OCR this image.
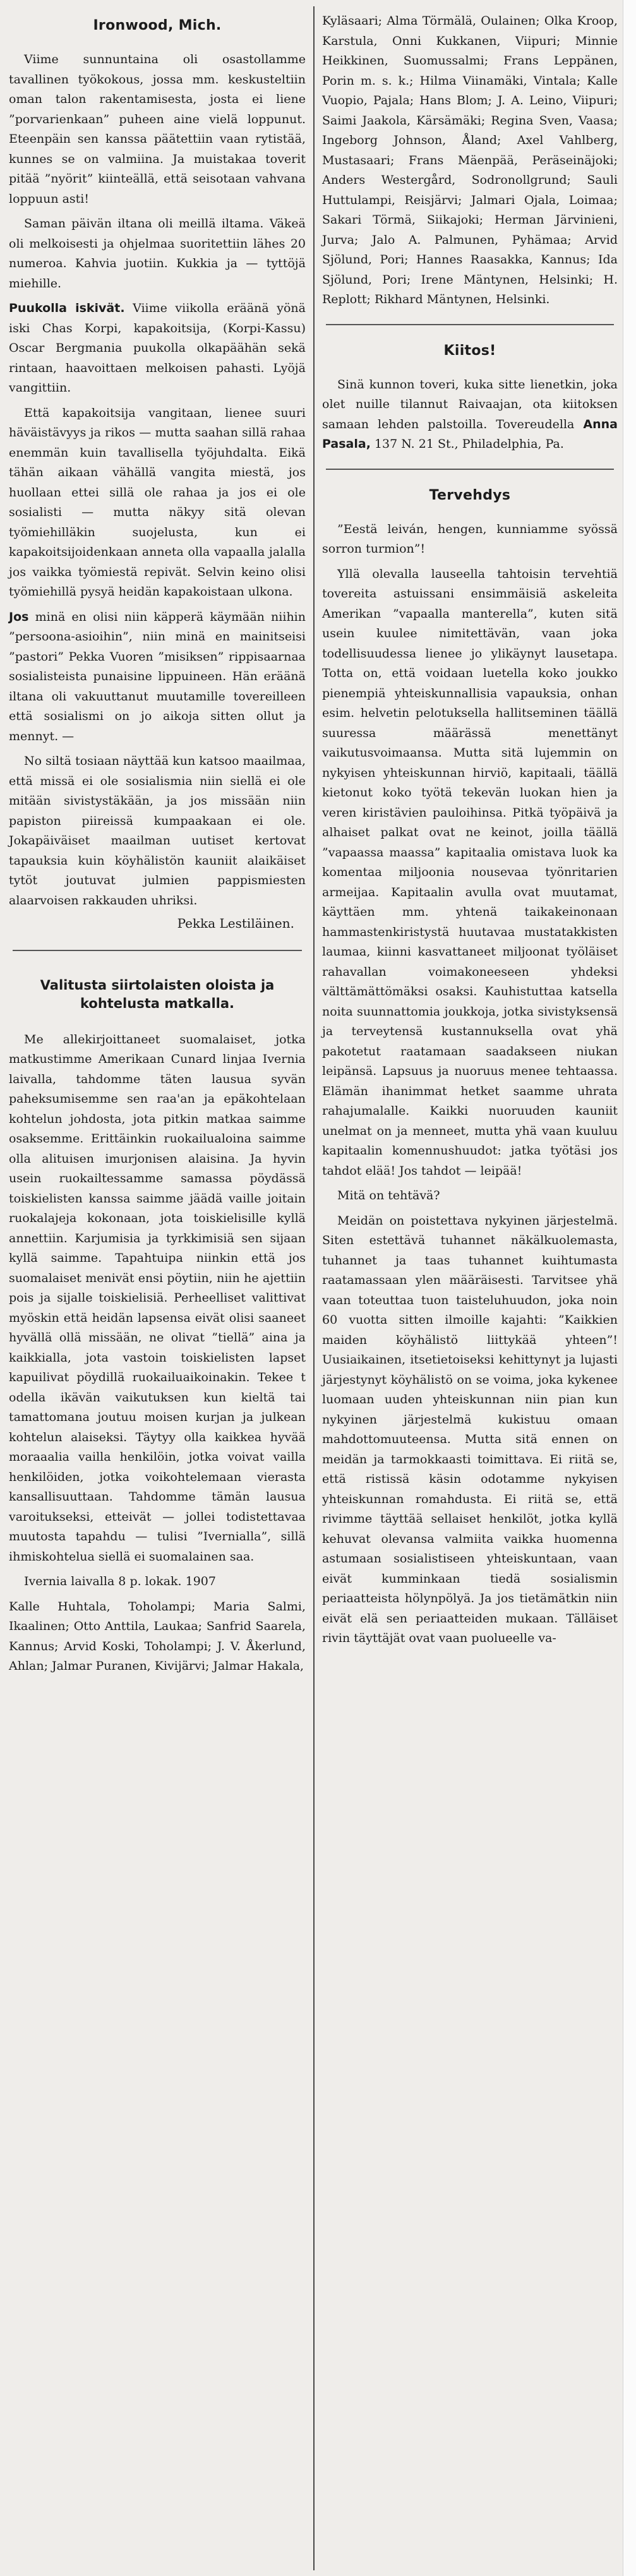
Ironwood, Mich.

Viime sunnuntaina oli osastollamme tavallinen työkokous, jossa mm. keskusteltiin oman talon rakentamisesta, josta ei liene ”porvarienkaan” puheen aine vielä loppunut. Eteenpäin sen kanssa päätettiin vaan rytistää, kunnes se on valmiina. Ja muistakaa toverit pitää ”nyörit” kiinteällä, että seisotaan vahvana loppuun asti!

Saman päivän iltana oli meillä iltama. Väkeä oli melkoisesti ja ohjelmaa suoritettiin lähes 20 numeroa. Kahvia juotiin. Kukkia ja — tyttöjä miehille.

Puukolla iskivät. Viime viikolla eräänä yönä iski Chas Korpi, kapakoitsija, (Korpi-Kassu) Oscar Bergmania puukolla olkapäähän sekä rintaan, haavoittaen melkoisen pahasti. Lyöjä vangittiin.

Että kapakoitsija vangitaan, lienee suuri häväistävyys ja rikos — mutta saahan sillä rahaa enemmän kuin tavallisella työjuhdalta. Eikä tähän aikaan vähällä vangita miestä, jos huollaan ettei sillä ole rahaa ja jos ei ole sosialisti — mutta näkyy sitä olevan työmiehilläkin suojelusta, kun ei kapakoitsijoidenkaan anneta olla vapaalla jalalla jos vaikka työmiestä repivät. Selvin keino olisi työmiehillä pysyä heidän kapakoistaan ulkona.

Jos minä en olisi niin käpperä käymään niihin ”persoona-asioihin”, niin minä en mainitseisi ”pastori” Pekka Vuoren ”misiksen” rippisaarnaa sosialisteista punaisine lippuineen. Hän eräänä iltana oli vakuuttanut muutamille tovereilleen että sosialismi on jo aikoja sitten ollut ja mennyt. —

No siltä tosiaan näyttää kun katsoo maailmaa, että missä ei ole sosialismia niin siellä ei ole mitään sivistystäkään, ja jos missään niin papiston piireissä kumpaakaan ei ole. Jokapäiväiset maailman uutiset kertovat tapauksia kuin köyhälistön kauniit alaikäiset tytöt joutuvat julmien pappismiesten alaarvoisen rakkauden uhriksi.

Pekka Lestiläinen.
Valitusta siirtolaisten oloista ja kohtelusta matkalla.

Me allekirjoittaneet suomalaiset, jotka matkustimme Amerikaan Cunard linjaa Ivernia laivalla, tahdomme täten lausua syvän paheksumisemme sen raa'an ja epäkohtelaan kohtelun johdosta, jota pitkin matkaa saimme osaksemme. Erittäinkin ruokailualoina saimme olla alituisen imurjonisen alaisina. Ja hyvin usein ruokailtessamme samassa pöydässä toiskielisten kanssa saimme jäädä vaille joitain ruokalajeja kokonaan, jota toiskielisille kyllä annettiin. Karjumisia ja tyrkkimisiä sen sijaan kyllä saimme. Tapahtuipa niinkin että jos suomalaiset menivät ensi pöytiin, niin he ajettiin pois ja sijalle toiskielisiä. Perheelliset valittivat myöskin että heidän lapsensa eivät olisi saaneet hyvällä ollä missään, ne olivat ”tiellä” aina ja kaikkialla, jota vastoin toiskielisten lapset kapuilivat pöydillä ruokailuaikoinakin. Tekee t odella ikävän vaikutuksen kun kieltä tai tamattomana joutuu moisen kurjan ja julkean kohtelun alaiseksi. Täytyy olla kaikkea hyvää moraaalia vailla henkilöin, jotka voivat vailla henkilöiden, jotka voikohtelemaan vierasta kansallisuuttaan. Tahdomme tämän lausua varoitukseksi, etteivät — jollei todistettavaa muutosta tapahdu — tulisi ”Ivernialla”, sillä ihmiskohtelua siellä ei suomalainen saa.

Ivernia laivalla 8 p. lokak. 1907

Kalle Huhtala, Toholampi; Maria Salmi, Ikaalinen; Otto Anttila, Laukaa; Sanfrid Saarela, Kannus; Arvid Koski, Toholampi; J. V. Åkerlund, Ahlan; Jalmar Puranen, Kivijärvi; Jalmar Hakala,

Kyläsaari; Alma Törmälä, Oulainen; Olka Kroop, Karstula, Onni Kukkanen, Viipuri; Minnie Heikkinen, Suomussalmi; Frans Leppänen, Porin m. s. k.; Hilma Viinamäki, Vintala; Kalle Vuopio, Pajala; Hans Blom; J. A. Leino, Viipuri; Saimi Jaakola, Kärsämäki; Regina Sven, Vaasa; Ingeborg Johnson, Åland; Axel Vahlberg, Mustasaari; Frans Mäenpää, Peräseinäjoki; Anders Westergård, Sodronollgrund; Sauli Huttulampi, Reisjärvi; Jalmari Ojala, Loimaa; Sakari Törmä, Siikajoki; Herman Järvinieni, Jurva; Jalo A. Palmunen, Pyhämaa; Arvid Sjölund, Pori; Hannes Raasakka, Kannus; Ida Sjölund, Pori; Irene Mäntynen, Helsinki; H. Replott; Rikhard Mäntynen, Helsinki.

Kiitos!

Sinä kunnon toveri, kuka sitte lienetkin, joka olet nuille tilannut Raivaajan, ota kiitoksen samaan lehden palstoilla. Tovereudella Anna Pasala, 137 N. 21 St., Philadelphia, Pa.

Tervehdys

”Eestä leiván, hengen, kunniamme syössä sorron turmion”!

Yllä olevalla lauseella tahtoisin tervehtiä tovereita astuissani ensimmäisiä askeleita Amerikan ”vapaalla manterella”, kuten sitä usein kuulee nimitettävän, vaan joka todellisuudessa lienee jo ylikäynyt lausetapa. Totta on, että voidaan luetella koko joukko pienempiä yhteiskunnallisia vapauksia, onhan esim. helvetin pelotuksella hallitseminen täällä suuressa määrässä menettänyt vaikutusvoimaansa. Mutta sitä lujemmin on nykyisen yhteiskunnan hirviö, kapitaali, täällä kietonut koko työtä tekevän luokan hien ja veren kiristävien pauloihinsa. Pitkä työpäivä ja alhaiset palkat ovat ne keinot, joilla täällä ”vapaassa maassa” kapitaalia omistava luok ka komentaa miljoonia nousevaa työnritarien armeijaa. Kapitaalin avulla ovat muutamat, käyttäen mm. yhtenä taikakeinonaan hammastenkiristystä huutavaa mustatakkisten laumaa, kiinni kasvattaneet miljoonat työläiset rahavallan voimakoneeseen yhdeksi välttämättömäksi osaksi. Kauhistuttaa katsella noita suunnattomia joukkoja, jotka sivistyksensä ja terveytensä kustannuksella ovat yhä pakotetut raatamaan saadakseen niukan leipänsä. Lapsuus ja nuoruus menee tehtaassa. Elämän ihanimmat hetket saamme uhrata rahajumalalle. Kaikki nuoruuden kauniit unelmat on ja menneet, mutta yhä vaan kuuluu kapitaalin komennushuudot: jatka työtäsi jos tahdot elää! Jos tahdot — leipää!

Mitä on tehtävä?

Meidän on poistettava nykyinen järjestelmä. Siten estettävä tuhannet näkälkuolemasta, tuhannet ja taas tuhannet kuihtumasta raatamassaan ylen määräisesti. Tarvitsee yhä vaan toteuttaa tuon taisteluhuudon, joka noin 60 vuotta sitten ilmoille kajahti: ”Kaikkien maiden köyhälistö liittykää yhteen”! Uusiaikainen, itsetietoiseksi kehittynyt ja lujasti järjestynyt köyhälistö on se voima, joka kykenee luomaan uuden yhteiskunnan niin pian kun nykyinen järjestelmä kukistuu omaan mahdottomuuteensa. Mutta sitä ennen on meidän ja tarmokkaasti toimittava. Ei riitä se, että ristissä käsin odotamme nykyisen yhteiskunnan romahdusta. Ei riitä se, että rivimme täyttää sellaiset henkilöt, jotka kyllä kehuvat olevansa valmiita vaikka huomenna astumaan sosialistiseen yhteiskuntaan, vaan eivät kumminkaan tiedä sosialismin periaatteista hölynpölyä. Ja jos tietämätkin niin eivät elä sen periaatteiden mukaan. Tälläiset rivin täyttäjät ovat vaan puolueelle va-
